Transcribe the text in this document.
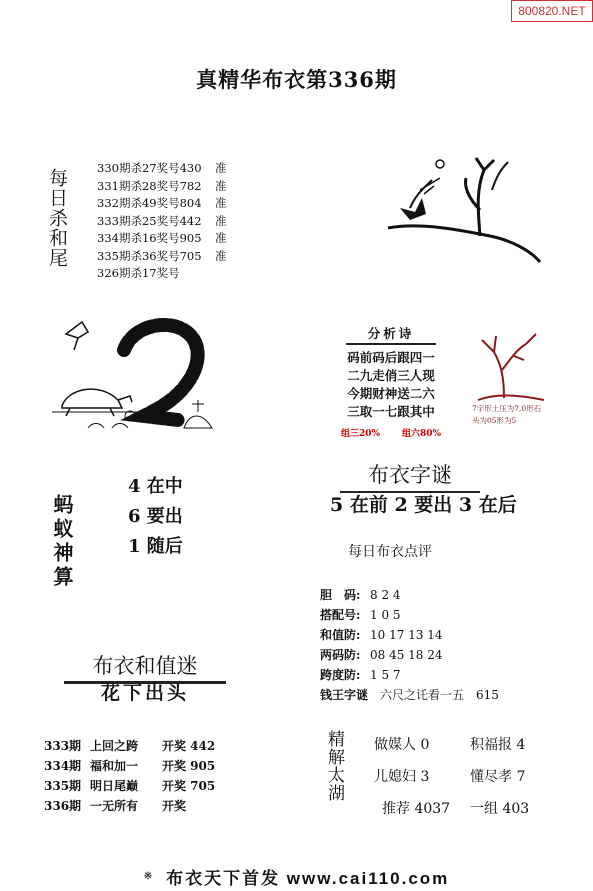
800820.NET
真精华布衣第336期
每日杀和尾	330期杀27奖号430	准
331期杀28奖号782	准
332期杀49奖号804	准
333期杀25奖号442	准
334期杀16奖号905	准
335期杀36奖号705	准
326期杀17奖号
分析诗
码前码后跟四一
二九走俏三人现
今期财神送二六
三取一七跟其中
组三20% 组六80%
7字形土压为7,0形石
头为05形为5
蚂蚁神算
4 在中
6 要出
1 随后
布衣字谜
5 在前 2 要出 3 在后
每日布衣点评
胆　码: 8 2 4
搭配号: 1 0 5
和值防: 10 17 13 14
两码防: 08 45 18 24
跨度防: 1 5 7
钱王字谜 六尺之讬看一五　615
布衣和值迷
花下出头
333期 上回之跨	开奖 442
334期 福和加一	开奖 905
335期 明日尾巅	开奖 705
336期 一无所有	开奖
精解太湖 做媒人 0	积福报 4
儿媳妇 3	懂尽孝 7
推荐 4037	一组 403
※ 布衣天下首发 www.cai110.com
